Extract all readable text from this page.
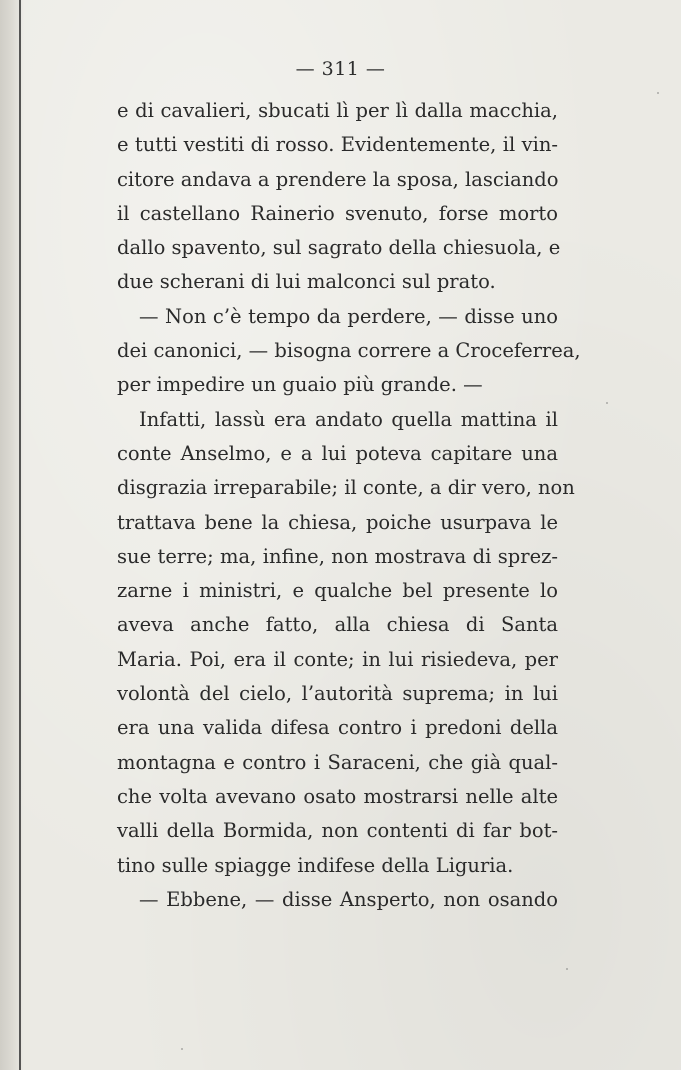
— 311 —
e di cavalieri, sbucati lì per lì dalla macchia,
e tutti vestiti di rosso. Evidentemente, il vin-
citore andava a prendere la sposa, lasciando
il castellano Rainerio svenuto, forse morto
dallo spavento, sul sagrato della chiesuola, e
due scherani di lui malconci sul prato.
— Non c’è tempo da perdere, — disse uno
dei canonici, — bisogna correre a Croceferrea,
per impedire un guaio più grande. —
Infatti, lassù era andato quella mattina il
conte Anselmo, e a lui poteva capitare una
disgrazia irreparabile; il conte, a dir vero, non
trattava bene la chiesa, poiche usurpava le
sue terre; ma, infine, non mostrava di sprez-
zarne i ministri, e qualche bel presente lo
aveva anche fatto, alla chiesa di Santa
Maria. Poi, era il conte; in lui risiedeva, per
volontà del cielo, l’autorità suprema; in lui
era una valida difesa contro i predoni della
montagna e contro i Saraceni, che già qual-
che volta avevano osato mostrarsi nelle alte
valli della Bormida, non contenti di far bot-
tino sulle spiagge indifese della Liguria.
— Ebbene, — disse Ansperto, non osando
